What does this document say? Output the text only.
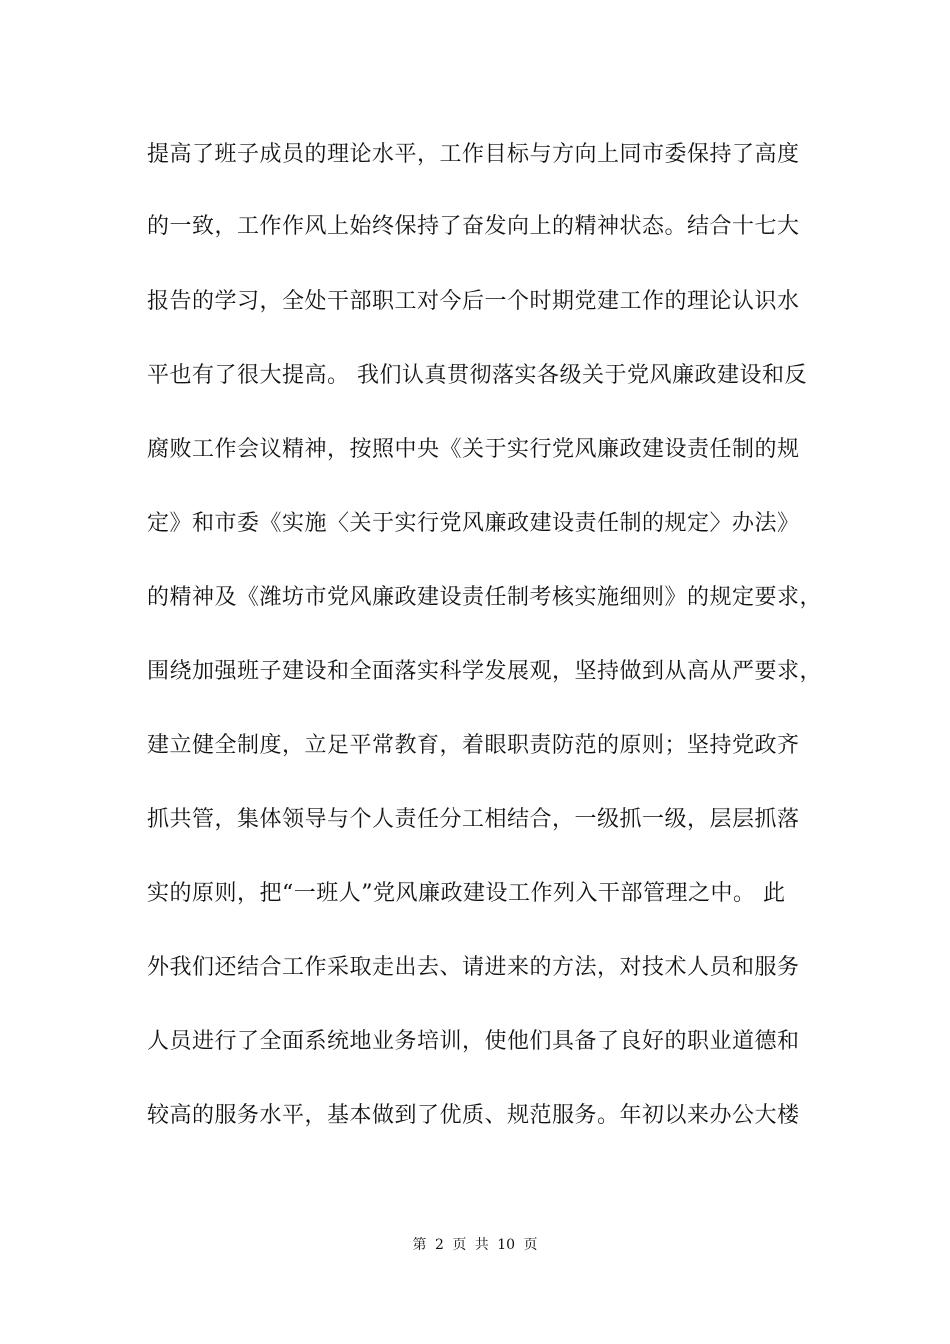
提高了班子成员的理论水平，工作目标与方向上同市委保持了高度
的一致，工作作风上始终保持了奋发向上的精神状态。结合十七大
报告的学习，全处干部职工对今后一个时期党建工作的理论认识水
平也有了很大提高。 我们认真贯彻落实各级关于党风廉政建设和反
腐败工作会议精神，按照中央《关于实行党风廉政建设责任制的规
定》和市委《实施〈关于实行党风廉政建设责任制的规定〉办法》
的精神及《潍坊市党风廉政建设责任制考核实施细则》的规定要求，
围绕加强班子建设和全面落实科学发展观，坚持做到从高从严要求，
建立健全制度，立足平常教育，着眼职责防范的原则；坚持党政齐
抓共管，集体领导与个人责任分工相结合，一级抓一级，层层抓落
实的原则，把“一班人”党风廉政建设工作列入干部管理之中。 此
外我们还结合工作采取走出去、请进来的方法，对技术人员和服务
人员进行了全面系统地业务培训，使他们具备了良好的职业道德和
较高的服务水平，基本做到了优质、规范服务。年初以来办公大楼
第 2 页 共 10 页
